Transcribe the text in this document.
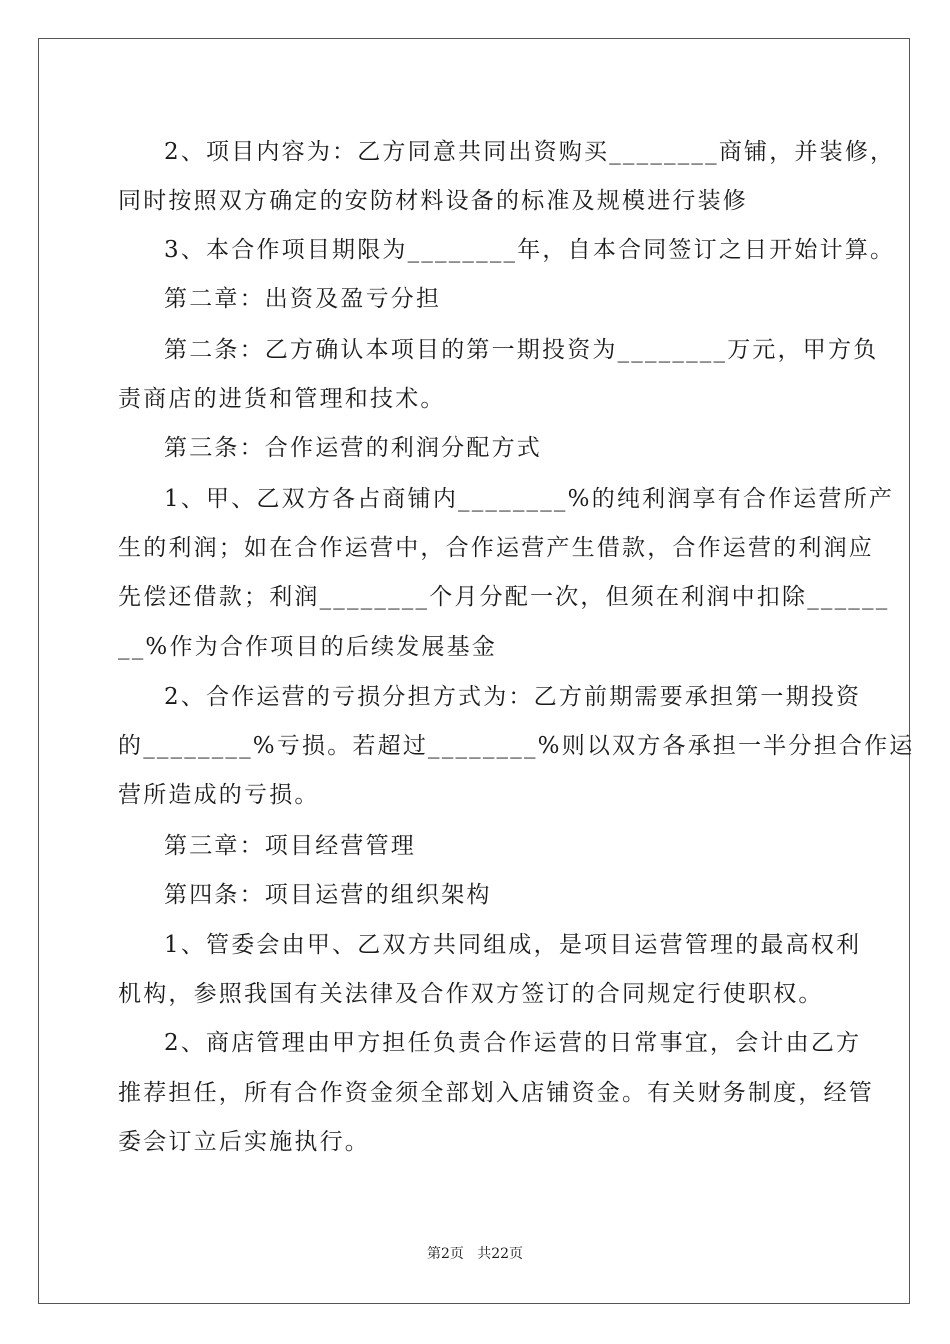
2、项目内容为：乙方同意共同出资购买________商铺，并装修，
同时按照双方确定的安防材料设备的标准及规模进行装修
3、本合作项目期限为________年，自本合同签订之日开始计算。
第二章：出资及盈亏分担
第二条：乙方确认本项目的第一期投资为________万元，甲方负
责商店的进货和管理和技术。
第三条：合作运营的利润分配方式
1、甲、乙双方各占商铺内________%的纯利润享有合作运营所产
生的利润；如在合作运营中，合作运营产生借款，合作运营的利润应
先偿还借款；利润________个月分配一次，但须在利润中扣除______
__%作为合作项目的后续发展基金
2、合作运营的亏损分担方式为：乙方前期需要承担第一期投资
的________%亏损。若超过________%则以双方各承担一半分担合作运
营所造成的亏损。
第三章：项目经营管理
第四条：项目运营的组织架构
1、管委会由甲、乙双方共同组成，是项目运营管理的最高权利
机构，参照我国有关法律及合作双方签订的合同规定行使职权。
2、商店管理由甲方担任负责合作运营的日常事宜，会计由乙方
推荐担任，所有合作资金须全部划入店铺资金。有关财务制度，经管
委会订立后实施执行。
第2页   共22页
